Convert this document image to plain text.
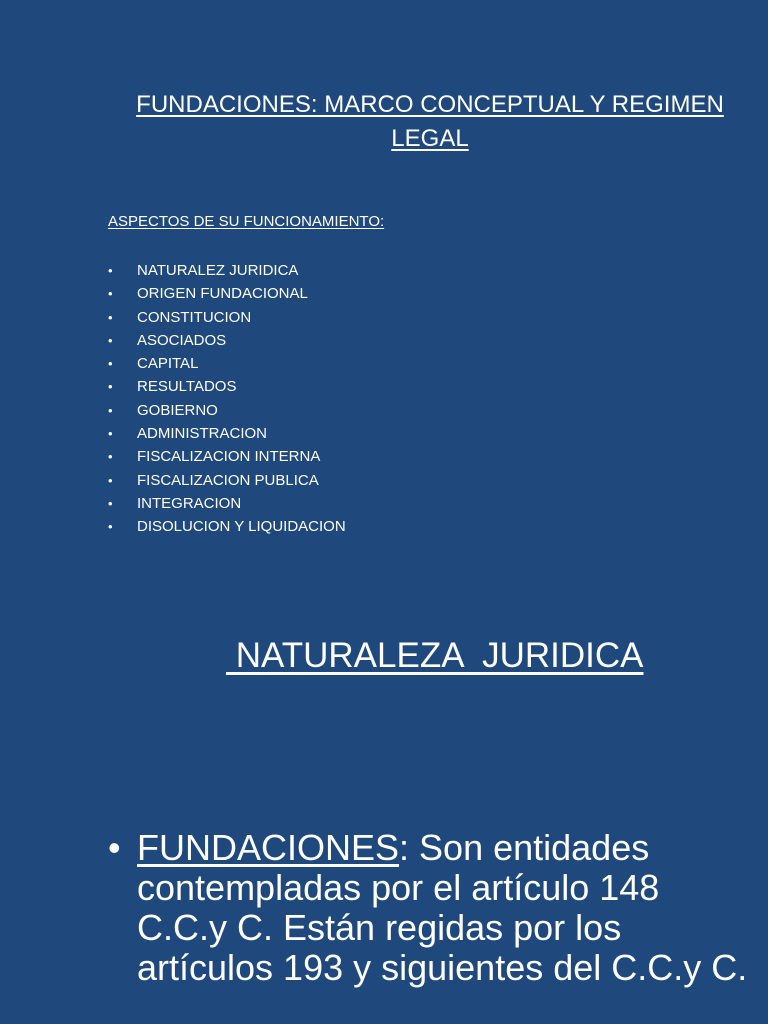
FUNDACIONES: MARCO CONCEPTUAL Y REGIMEN LEGAL

ASPECTOS DE SU FUNCIONAMIENTO:

• NATURALEZ JURIDICA
• ORIGEN FUNDACIONAL
• CONSTITUCION
• ASOCIADOS
• CAPITAL
• RESULTADOS
• GOBIERNO
• ADMINISTRACION
• FISCALIZACION INTERNA
• FISCALIZACION PUBLICA
• INTEGRACION
• DISOLUCION Y LIQUIDACION
NATURALEZA  JURIDICA
• FUNDACIONES: Son entidades contempladas por el artículo 148 C.C.y C. Están regidas por los artículos 193 y siguientes del C.C.y C.
